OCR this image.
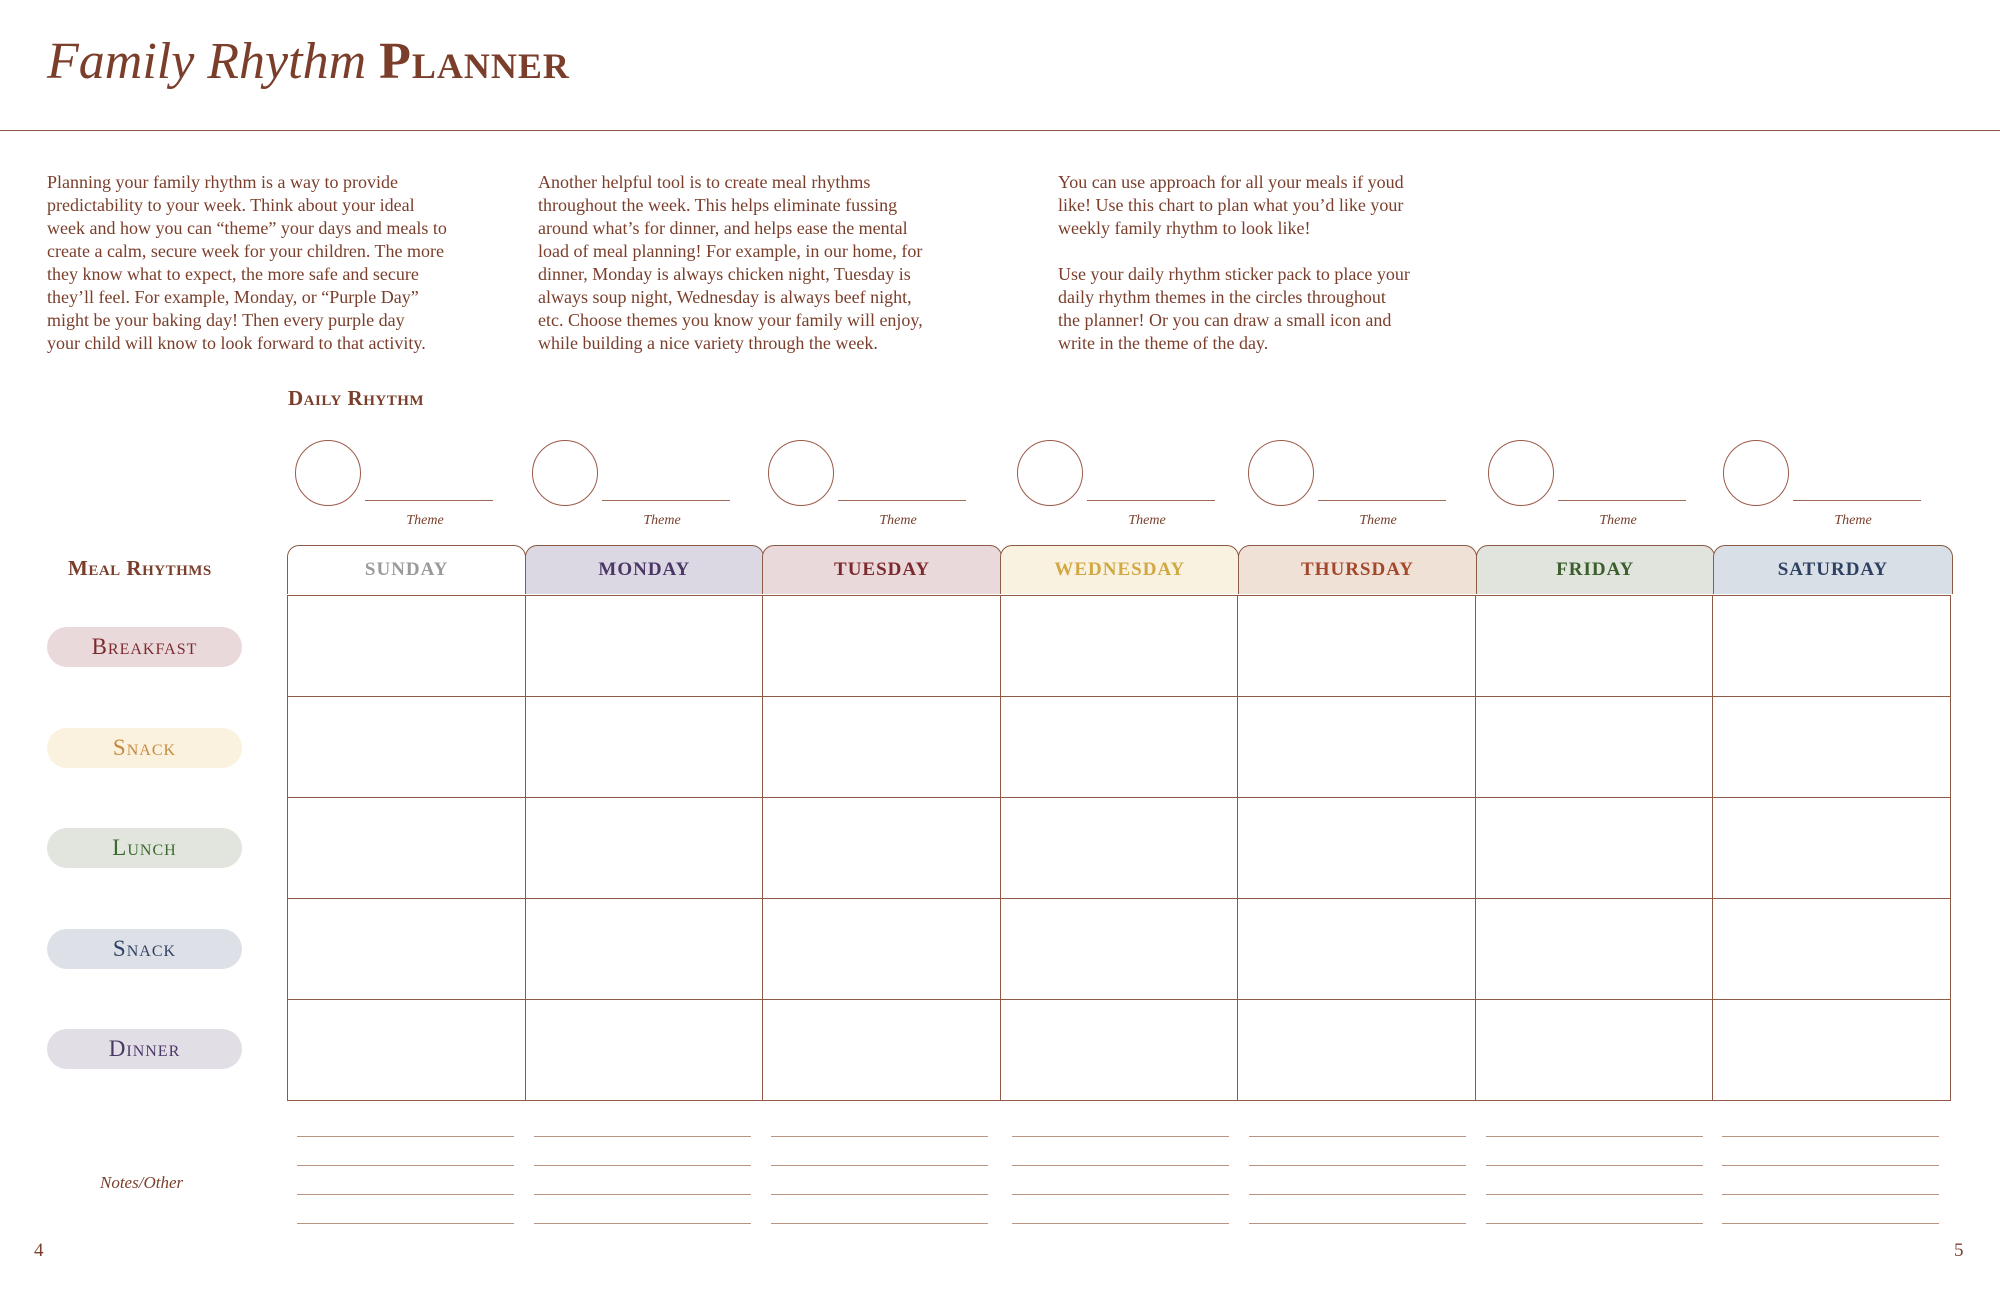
Family Rhythm Planner

Planning your family rhythm is a way to provide
predictability to your week. Think about your ideal
week and how you can “theme” your days and meals to
create a calm, secure week for your children. The more
they know what to expect, the more safe and secure
they’ll feel. For example, Monday, or “Purple Day”
might be your baking day! Then every purple day
your child will know to look forward to that activity.

Another helpful tool is to create meal rhythms
throughout the week. This helps eliminate fussing
around what’s for dinner, and helps ease the mental
load of meal planning! For example, in our home, for
dinner, Monday is always chicken night, Tuesday is
always soup night, Wednesday is always beef night,
etc. Choose themes you know your family will enjoy,
while building a nice variety through the week.

You can use approach for all your meals if youd
like! Use this chart to plan what you’d like your
weekly family rhythm to look like!

Use your daily rhythm sticker pack to place your
daily rhythm themes in the circles throughout
the planner! Or you can draw a small icon and
write in the theme of the day.

Daily Rhythm
Theme	Theme	Theme	Theme	Theme	Theme	Theme
Meal Rhythms
Breakfast
Snack
Lunch
Snack
Dinner
SUNDAY	MONDAY	TUESDAY	WEDNESDAY	THURSDAY	FRIDAY	SATURDAY
Notes/Other
4	5
